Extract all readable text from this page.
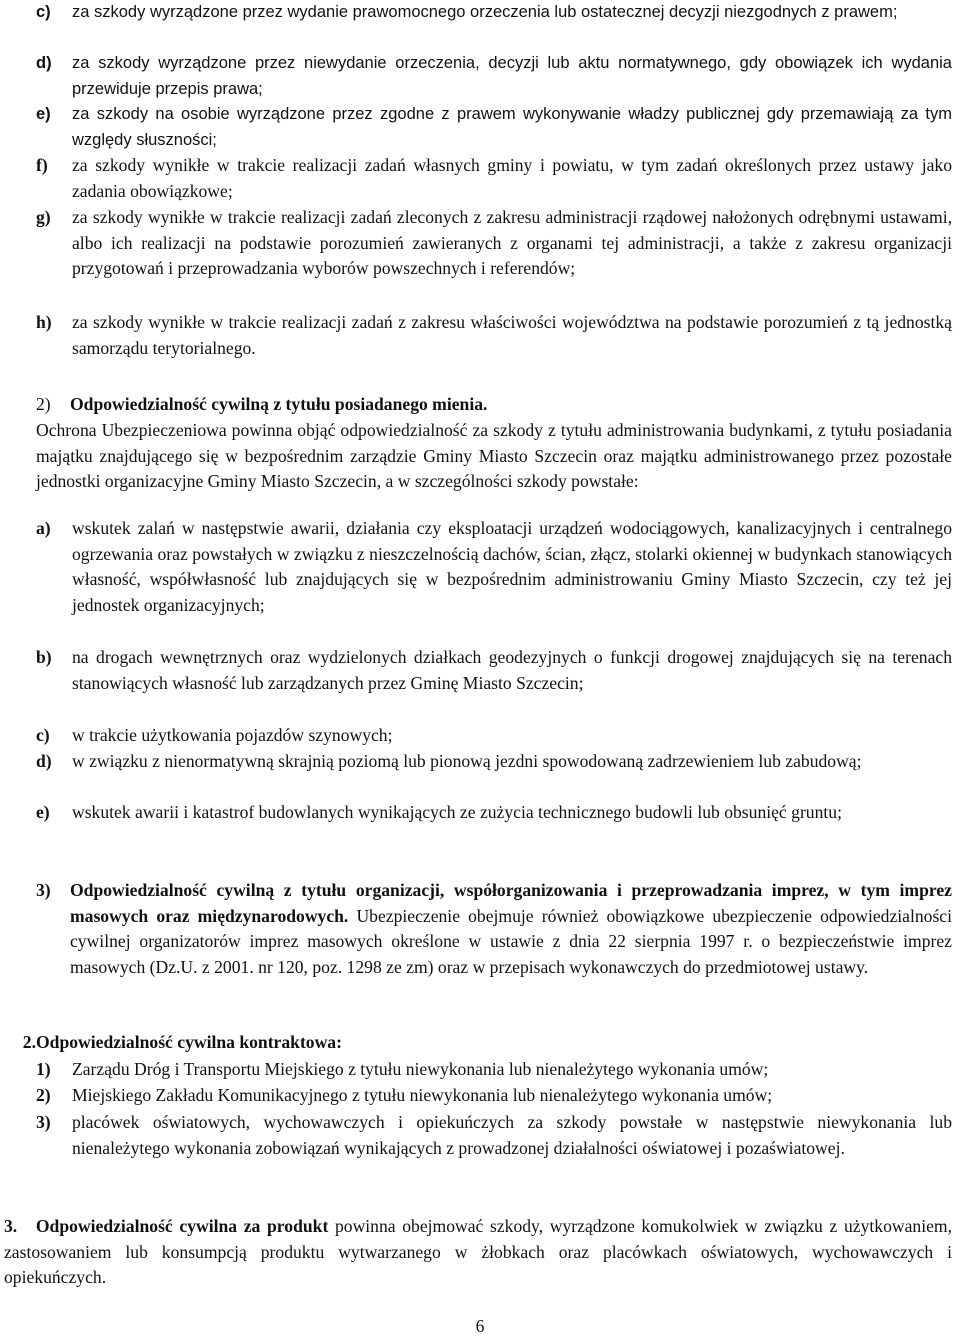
c)	za szkody wyrządzone przez wydanie prawomocnego orzeczenia lub ostatecznej decyzji niezgodnych z prawem;
d)	za szkody wyrządzone przez niewydanie orzeczenia, decyzji lub aktu normatywnego, gdy obowiązek ich wydania przewiduje przepis prawa;
e)	za szkody na osobie wyrządzone przez zgodne z prawem wykonywanie władzy publicznej gdy przemawiają za tym względy słuszności;
f)	za szkody wynikłe w trakcie realizacji zadań własnych gminy i powiatu, w tym zadań określonych przez ustawy jako zadania obowiązkowe;
g)	za szkody wynikłe w trakcie realizacji zadań zleconych z zakresu administracji rządowej nałożonych odrębnymi ustawami, albo ich realizacji na podstawie porozumień zawieranych z organami tej administracji, a także z zakresu organizacji przygotowań i przeprowadzania wyborów powszechnych i referendów;
h)	za szkody wynikłe w trakcie realizacji zadań z zakresu właściwości województwa na podstawie porozumień z tą jednostką samorządu terytorialnego.
2)	Odpowiedzialność cywilną z tytułu posiadanego mienia.

Ochrona Ubezpieczeniowa powinna objąć odpowiedzialność za szkody z tytułu administrowania budynkami, z tytułu posiadania majątku znajdującego się w bezpośrednim zarządzie Gminy Miasto Szczecin oraz majątku administrowanego przez pozostałe jednostki organizacyjne Gminy Miasto Szczecin, a w szczególności szkody powstałe:

a)	wskutek zalań w następstwie awarii, działania czy eksploatacji urządzeń wodociągowych, kanalizacyjnych i centralnego ogrzewania oraz powstałych w związku z nieszczelnością dachów, ścian, złącz, stolarki okiennej w budynkach stanowiących własność, współwłasność lub znajdujących się w bezpośrednim administrowaniu Gminy Miasto Szczecin, czy też jej jednostek organizacyjnych;
b)	na drogach wewnętrznych oraz wydzielonych działkach geodezyjnych o funkcji drogowej znajdujących się na terenach stanowiących własność lub zarządzanych przez Gminę Miasto Szczecin;
c)	w trakcie użytkowania pojazdów szynowych;
d)	w związku z nienormatywną skrajnią poziomą lub pionową jezdni spowodowaną zadrzewieniem lub zabudową;
e)	wskutek awarii i katastrof budowlanych wynikających ze zużycia technicznego budowli lub obsunięć gruntu;
3)	Odpowiedzialność cywilną z tytułu organizacji, współorganizowania i przeprowadzania imprez, w tym imprez masowych oraz międzynarodowych. Ubezpieczenie obejmuje również obowiązkowe ubezpieczenie odpowiedzialności cywilnej organizatorów imprez masowych określone w ustawie z dnia 22 sierpnia 1997 r. o bezpieczeństwie imprez masowych (Dz.U. z 2001. nr 120, poz. 1298 ze zm) oraz w przepisach wykonawczych do przedmiotowej ustawy.
2. Odpowiedzialność cywilna kontraktowa:
1)	Zarządu Dróg i Transportu Miejskiego z tytułu niewykonania lub nienależytego wykonania umów;
2)	Miejskiego Zakładu Komunikacyjnego z tytułu niewykonania lub nienależytego wykonania umów;
3)	placówek oświatowych, wychowawczych i opiekuńczych za szkody powstałe w następstwie niewykonania lub nienależytego wykonania zobowiązań wynikających z prowadzonej działalności oświatowej i pozaświatowej.
3. Odpowiedzialność cywilna za produkt powinna obejmować szkody, wyrządzone komukolwiek w związku z użytkowaniem, zastosowaniem lub konsumpcją produktu wytwarzanego w żłobkach oraz placówkach oświatowych, wychowawczych i opiekuńczych.
6
